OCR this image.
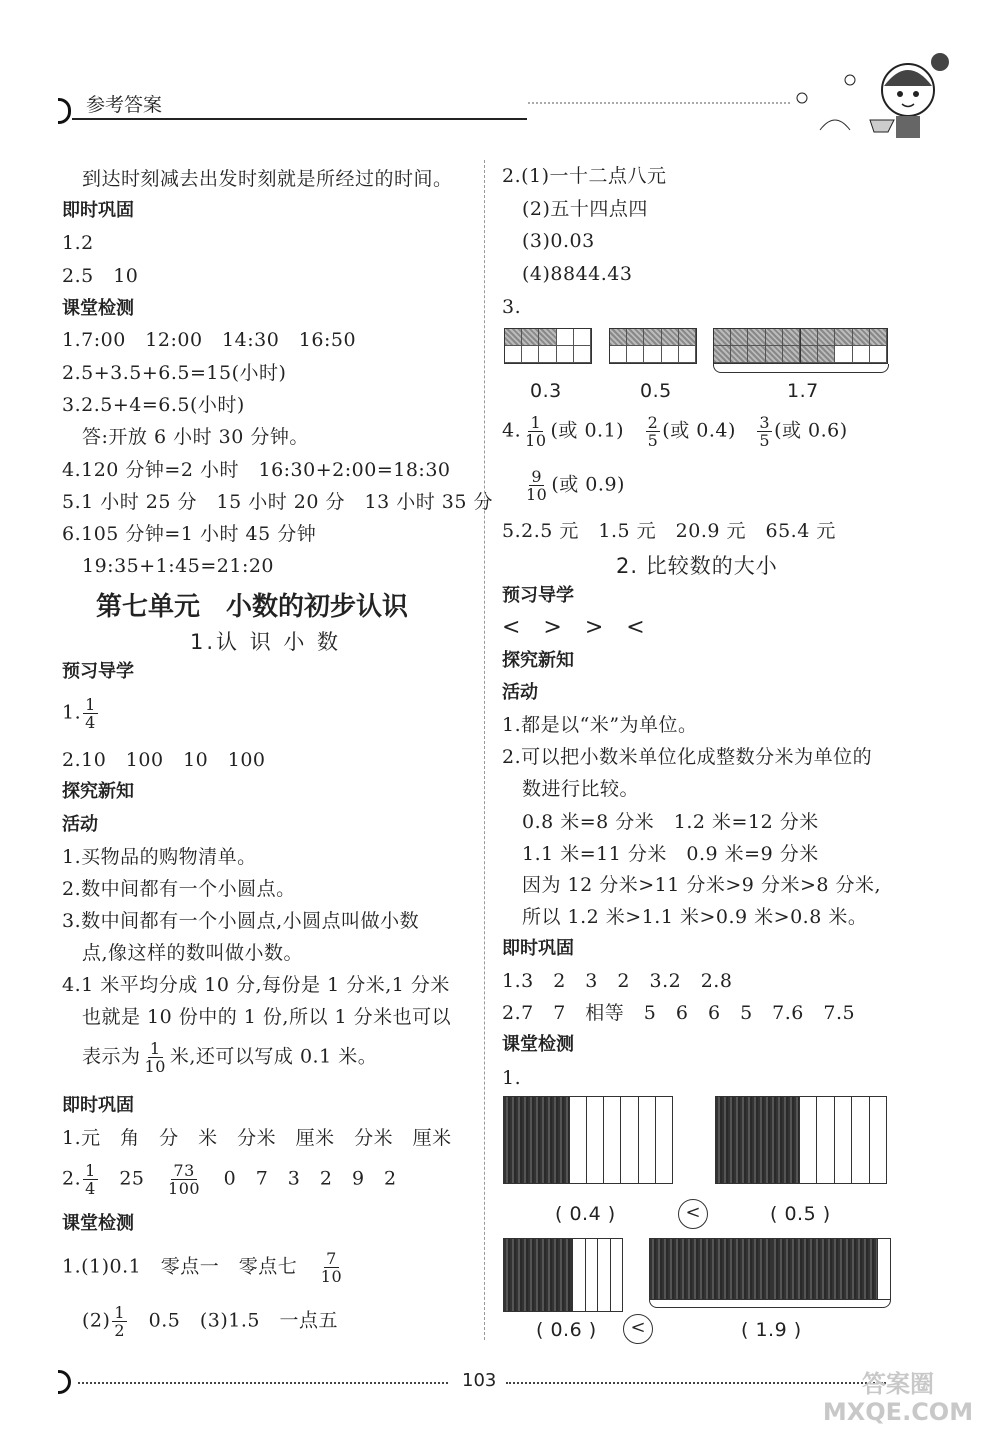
参考答案
到达时刻减去出发时刻就是所经过的时间。
即时巩固
1.2
2.5　10
课堂检测
1.7:00　12:00　14:30　16:50
2.5+3.5+6.5=15(小时)
3.2.5+4=6.5(小时)
答:开放 6 小时 30 分钟。
4.120 分钟=2 小时　16:30+2:00=18:30
5.1 小时 25 分　15 小时 20 分　13 小时 35 分
6.105 分钟=1 小时 45 分钟
19:35+1:45=21:20
第七单元　小数的初步认识
1.认 识 小 数
预习导学
1. $\frac{1}{4}$
2.10　100　10　100
探究新知
活动
1.买物品的购物清单。
2.数中间都有一个小圆点。
3.数中间都有一个小圆点,小圆点叫做小数
点,像这样的数叫做小数。
4.1 米平均分成 10 分,每份是 1 分米,1 分米
也就是 10 份中的 1 份,所以 1 分米也可以
表示为 $\frac{1}{10}$ 米,还可以写成 0.1 米。
即时巩固
1.元　角　分　米　分米　厘米　分米　厘米
2. $\frac{1}{4}$
　 25　 $\frac{73}{100}$
　 0　7　3　2　9　2
课堂检测
1.(1)0.1　零点一　零点七　 $\frac{7}{10}$
$(2) \frac{1}{2}$
　 0.5　(3)1.5　一点五
2.(1)一十二点八元
(2)五十四点四
(3)0.03
(4)8844.43
3.
0.3	0.5	1.7
4. $\frac{1}{10}$ (或 0.1)　 $\frac{2}{5}$ (或 0.4)　 $\frac{3}{5}$ (或 0.6)
$\frac{9}{10}$ (或 0.9)
5.2.5 元　1.5 元　20.9 元　65.4 元
2. 比较数的大小
预习导学
<　>　>　<
探究新知
活动
1.都是以“米”为单位。
2.可以把小数米单位化成整数分米为单位的
数进行比较。
0.8 米=8 分米　1.2 米=12 分米
1.1 米=11 分米　0.9 米=9 分米
因为 12 分米>11 分米>9 分米>8 分米,
所以 1.2 米>1.1 米>0.9 米>0.8 米。
即时巩固
1.3　2　3　2　3.2　2.8
2.7　7　相等　5　6　6　5　7.6　7.5
课堂检测
1.
( 0.4 )	<	( 0.5 )
( 0.6 )	<	( 1.9 )
103	答案圈 MXQE.COM
